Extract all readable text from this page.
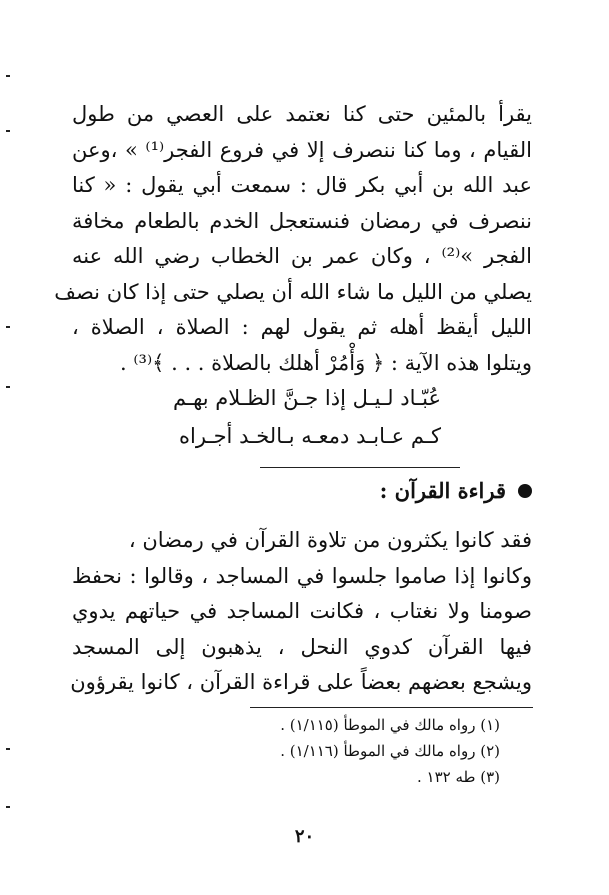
يقرأ بالمئين حتى كنا نعتمد على العصي من طول
القيام ، وما كنا ننصرف إلا في فروع الفجر⁽¹⁾ » ،وعن
عبد الله بن أبي بكر قال : سمعت أبي يقول : « كنا
ننصرف في رمضان فنستعجل الخدم بالطعام مخافة
الفجر »⁽²⁾ ، وكان عمر بن الخطاب رضي الله عنه
يصلي من الليل ما شاء الله أن يصلي حتى إذا كان نصف
الليل أيقظ أهله ثم يقول لهم : الصلاة ، الصلاة ،
ويتلوا هذه الآية : ﴿ وَأْمُرْ أهلك بالصلاة . . . ﴾⁽³⁾ .
عُبّـاد لـيـل إذا جـنَّ الظـلام بهـم
كـم عـابـد دمعـه بـالخـد أجـراه
قراءة القرآن :
فقد كانوا يكثرون من تلاوة القرآن في رمضان ،
وكانوا إذا صاموا جلسوا في المساجد ، وقالوا : نحفظ
صومنا ولا نغتاب ، فكانت المساجد في حياتهم يدوي
فيها القرآن كدوي النحل ، يذهبون إلى المسجد
ويشجع بعضهم بعضاً على قراءة القرآن ، كانوا يقرؤون
(١) رواه مالك في الموطأ (١/١١٥) .
(٢) رواه مالك في الموطأ (١/١١٦) .
(٣) طه ١٣٢ .
٢٠
